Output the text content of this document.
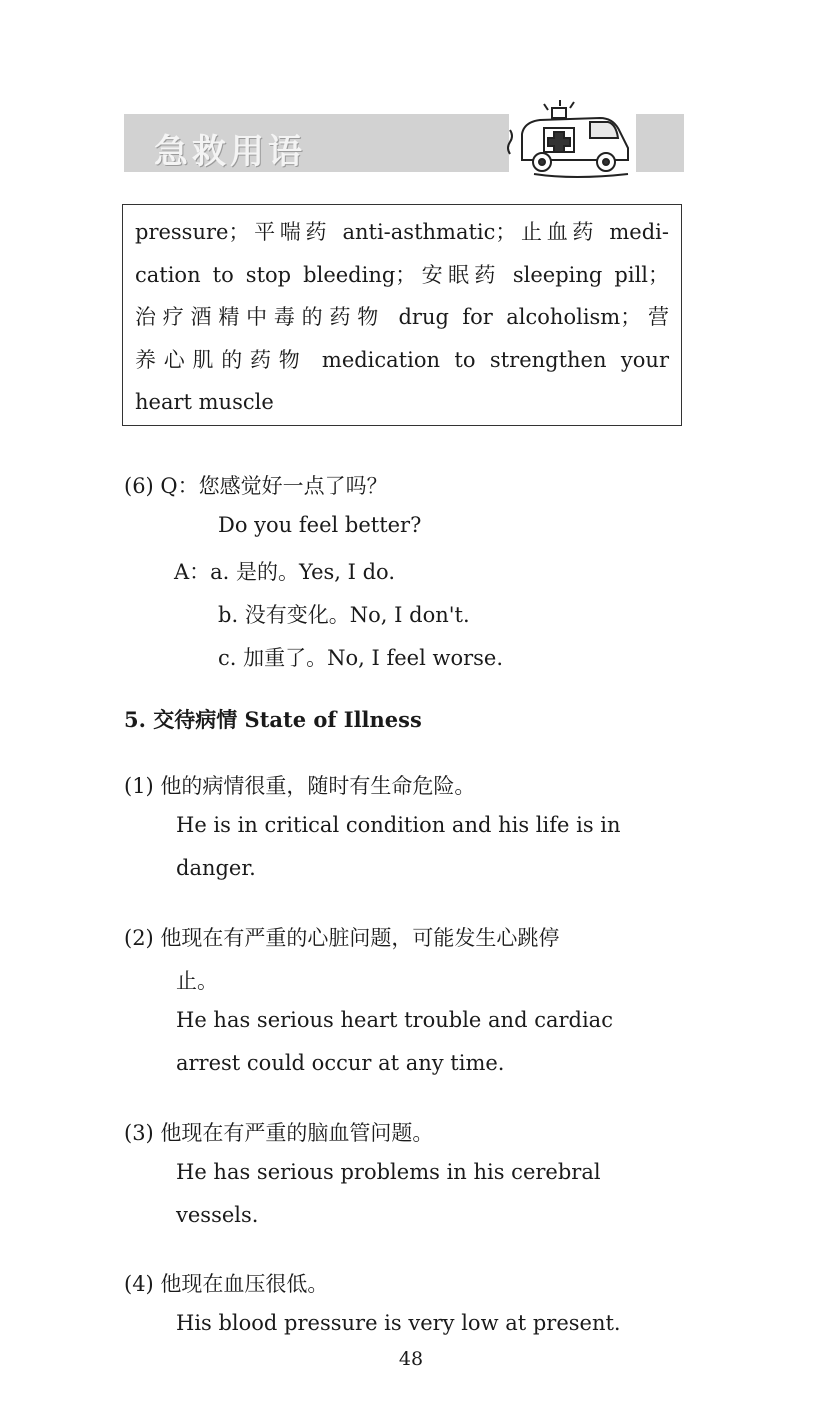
急救用语

pressure；平喘药 anti-asthmatic；止血药 medi-

cation to stop bleeding；安眠药 sleeping pill；

治疗酒精中毒的药物 drug for alcoholism；营

养心肌的药物 medication to strengthen your

heart muscle

(6) Q：您感觉好一点了吗？
Do you feel better?
A：a. 是的。Yes, I do.
b. 没有变化。No, I don't.
c. 加重了。No, I feel worse.
5. 交待病情 State of Illness
(1) 他的病情很重，随时有生命危险。
He is in critical condition and his life is in
danger.
(2) 他现在有严重的心脏问题，可能发生心跳停
止。
He has serious heart trouble and cardiac
arrest could occur at any time.
(3) 他现在有严重的脑血管问题。
He has serious problems in his cerebral
vessels.
(4) 他现在血压很低。
His blood pressure is very low at present.
48
